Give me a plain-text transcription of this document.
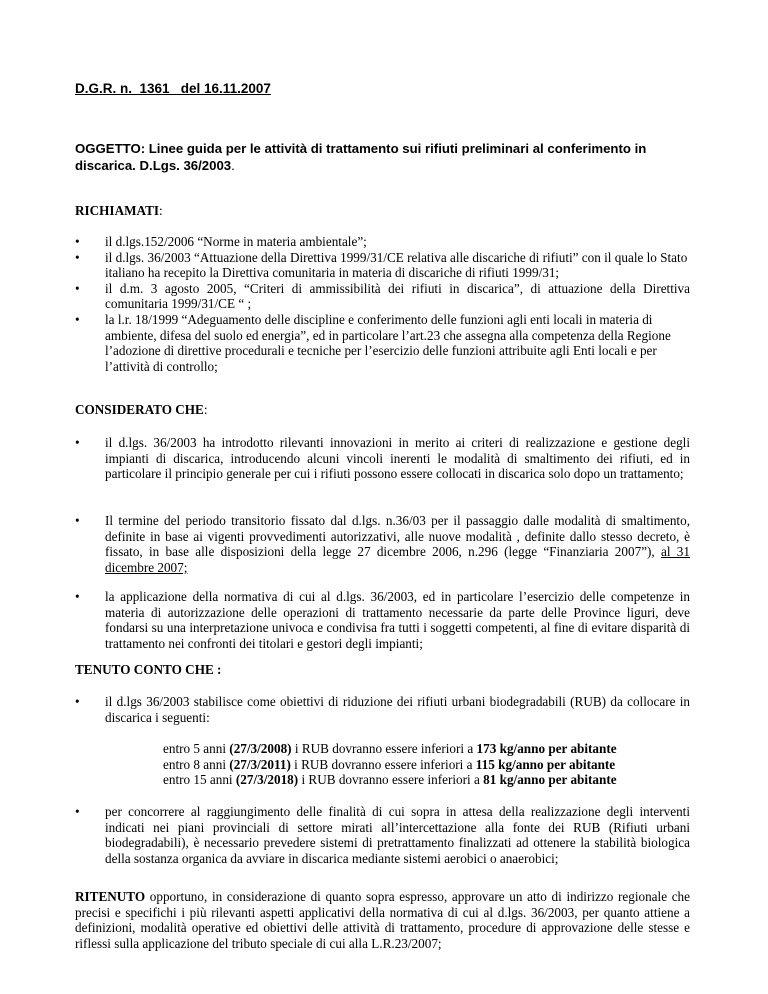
D.G.R. n.  1361   del 16.11.2007
OGGETTO: Linee guida per le attività di trattamento sui rifiuti preliminari al conferimento in discarica. D.Lgs. 36/2003.
RICHIAMATI:
• il d.lgs.152/2006 “Norme in materia ambientale”;
• il d.lgs. 36/2003 “Attuazione della Direttiva 1999/31/CE relativa alle discariche di rifiuti” con il quale lo Stato italiano ha recepito la Direttiva comunitaria in materia di discariche di rifiuti 1999/31;
• il d.m. 3 agosto 2005, “Criteri di ammissibilità dei rifiuti in discarica”, di attuazione della Direttiva comunitaria 1999/31/CE “ ;
• la l.r. 18/1999 “Adeguamento delle discipline e conferimento delle funzioni agli enti locali in materia di ambiente, difesa del suolo ed energia”, ed in particolare l’art.23 che assegna alla competenza della Regione l’adozione di direttive procedurali e tecniche per l’esercizio delle funzioni attribuite agli Enti locali e per l’attività di controllo;
CONSIDERATO CHE:
• il d.lgs. 36/2003 ha introdotto rilevanti innovazioni in merito ai criteri di realizzazione e gestione degli impianti di discarica, introducendo alcuni vincoli inerenti le modalità di smaltimento dei rifiuti, ed in particolare il principio generale per cui i rifiuti possono essere collocati in discarica solo dopo un trattamento;
• Il termine del periodo transitorio fissato dal d.lgs. n.36/03 per il passaggio dalle modalità di smaltimento, definite in base ai vigenti provvedimenti autorizzativi, alle nuove modalità , definite dallo stesso decreto, è fissato, in base alle disposizioni della legge 27 dicembre 2006, n.296 (legge “Finanziaria 2007”), al 31 dicembre 2007;
• la applicazione della normativa di cui al d.lgs. 36/2003, ed in particolare l’esercizio delle competenze in materia di autorizzazione delle operazioni di trattamento necessarie da parte delle Province liguri, deve fondarsi su una interpretazione univoca e condivisa fra tutti i soggetti competenti, al fine di evitare disparità di trattamento nei confronti dei titolari e gestori degli impianti;
TENUTO CONTO CHE :
• il d.lgs 36/2003 stabilisce come obiettivi di riduzione dei rifiuti urbani biodegradabili (RUB) da collocare in discarica i seguenti:
entro 5 anni (27/3/2008) i RUB dovranno essere inferiori a 173 kg/anno per abitante
entro 8 anni (27/3/2011) i RUB dovranno essere inferiori a 115 kg/anno per abitante
entro 15 anni (27/3/2018) i RUB dovranno essere inferiori a 81 kg/anno per abitante
• per concorrere al raggiungimento delle finalità di cui sopra in attesa della realizzazione degli interventi indicati nei piani provinciali di settore mirati all’intercettazione alla fonte dei RUB (Rifiuti urbani biodegradabili), è necessario prevedere sistemi di pretrattamento finalizzati ad ottenere la stabilità biologica della sostanza organica da avviare in discarica mediante sistemi aerobici o anaerobici;
RITENUTO opportuno, in considerazione di quanto sopra espresso, approvare un atto di indirizzo regionale che precisi e specifichi i più rilevanti aspetti applicativi della normativa di cui al d.lgs. 36/2003, per quanto attiene a definizioni, modalità operative ed obiettivi delle attività di trattamento, procedure di approvazione delle stesse e riflessi sulla applicazione del tributo speciale di cui alla L.R.23/2007;
